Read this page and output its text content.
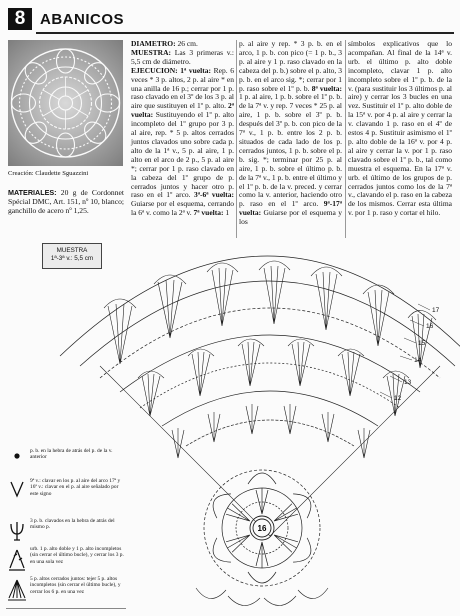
8 ABANICOS
Creación: Claudette Sguazzini
MATERIALES: 20 g de Cordonnet Spécial DMC, Art. 151, nº 10, blanco; ganchillo de acero nº 1,25.
DIAMETRO: 26 cm.
MUESTRA: Las 3 primeras v.: 5,5 cm de diámetro.
EJECUCION: 1ª vuelta: Rep. 6 veces * 3 p. altos, 2 p. al aire * en una anilla de 16 p.; cerrar por 1 p. raso clavado en el 3º de los 3 p. al aire que sustituyen el 1º p. alto. 2ª vuelta: Sustituyendo el 1º p. alto incompleto del 1º grupo por 3 p. al aire, rep. * 5 p. altos cerrados juntos clavados uno sobre cada p. alto de la 1ª v., 5 p. al aire, 1 p. alto en el arco de 2 p., 5 p. al aire *; cerrar por 1 p. raso clavado en la cabeza del 1º grupo de p. cerrados juntos y hacer otro p. raso en el 1º arco. 3ª-6ª vuelta: Guiarse por el esquema, cerrando la 6ª v. como la 2ª v. 7ª vuelta: 1
p. al aire y rep. * 3 p. b. en el arco, 1 p. b. con pico (= 1 p. b., 3 p. al aire y 1 p. raso clavado en la cabeza del p. b.) sobre el p. alto, 3 p. b. en el arco sig. *; cerrar por 1 p. raso sobre el 1º p. b. 8ª vuelta: 1 p. al aire, 1 p. b. sobre el 1º p. b. de la 7ª v. y rep. 7 veces * 25 p. al aire, 1 p. b. sobre el 3º p. b. después del 3º p. b. con pico de la 7ª v., 1 p. b. entre los 2 p. b. situados de cada lado de los p. cerrados juntos, 1 p. b. sobre el p. b. sig. *; terminar por 25 p. al aire, 1 p. b. sobre el último p. b. de la 7ª v., 1 p. b. entre el último y el 1º p. b. de la v. preced. y cerrar como la v. anterior, haciendo otro p. raso en el 1º arco. 9ª-17ª vuelta: Guiarse por el esquema y los
símbolos explicativos que lo acompañan. Al final de la 14ª v. urb. el último p. alto doble incompleto, clavar 1 p. alto incompleto sobre el 1º p. b. de la v. (para sustituir los 3 últimos p. al aire) y cerrar los 3 bucles en una vez. Sustituir el 1º p. alto doble de la 15ª v. por 4 p. al aire y cerrar la v. clavando 1 p. raso en el 4º de estos 4 p. Sustituir asimismo el 1º p. alto doble de la 16ª v. por 4 p. al aire y cerrar la v. por 1 p. raso clavado sobre el 1º p. b., tal como muestra el esquema. En la 17ª v. urb. el último de los grupos de p. cerrados juntos como los de la 7ª v., clavando el p. raso en la cabeza de los mismos. Cerrar esta última v. por 1 p. raso y cortar el hilo.
16
17
16
15
14
13
12
MUESTRA
1ª-3ª v.: 5,5 cm
p. b. en la hebra de atrás del p. de la v. anterior
9ª v.: clavar en los p. al aire del arco 17ª y 16ª v.: clavar en el p. al aire señalado por este signo
3 p. b. clavados en la hebra de atrás del mismo p.
urb. 1 p. alto doble y 1 p. alto incompletos (sin cerrar el último bucle), y cerrar los 3 p. en una sola vez
5 p. altos cerrados juntos: tejer 5 p. altos incompletos (sin cerrar el último bucle), y cerrar los 6 p. en una vez
